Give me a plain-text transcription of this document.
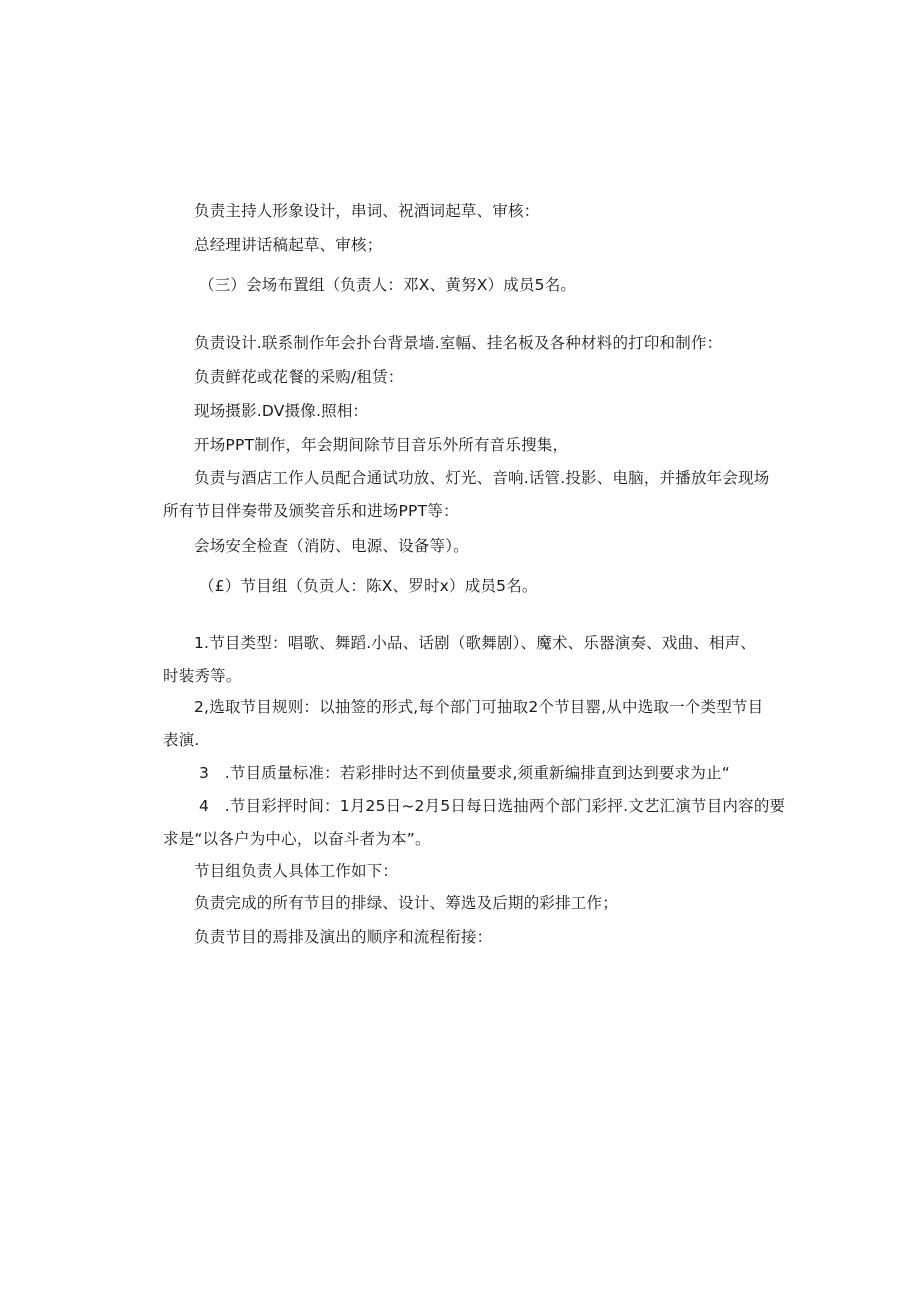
负责主持人形象设计，串词、祝酒词起草、审核：
总经理讲话稿起草、审核；
（三）会场布置组（负责人：邓X、黄努X）成员5名。
负责设计.联系制作年会扑台背景墙.室幅、挂名板及各种材料的打印和制作：
负责鲜花或花餐的采购/租赁：
现场摄影.DV摄像.照相：
开场PPT制作，年会期间除节目音乐外所有音乐搜集，
负责与酒店工作人员配合通试功放、灯光、音响.话管.投影、电脑，并播放年会现场
所有节目伴奏带及颁奖音乐和进场PPT等：
会场安全检查（消防、电源、设备等）。
（£）节目组（负贡人：陈X、罗时x）成员5名。
1.节目类型：唱歌、舞蹈.小品、话剧（歌舞剧）、魔术、乐器演奏、戏曲、相声、
时装秀等。
2,选取节目规则：以抽签的形式,每个部门可抽取2个节目罂,从中选取一个类型节目
表演.
3　.节目质量标准：若彩排时达不到侦量要求,须重新编排直到达到要求为止“
4　.节目彩抨时间：1月25日~2月5日每日选抽两个部门彩抨.文艺汇演节目内容的要
求是“以各户为中心，以奋斗者为本”。
节目组负责人具体工作如下：
负责完成的所有节目的排绿、设计、筹选及后期的彩排工作；
负责节目的焉排及演出的顺序和流程衔接：
